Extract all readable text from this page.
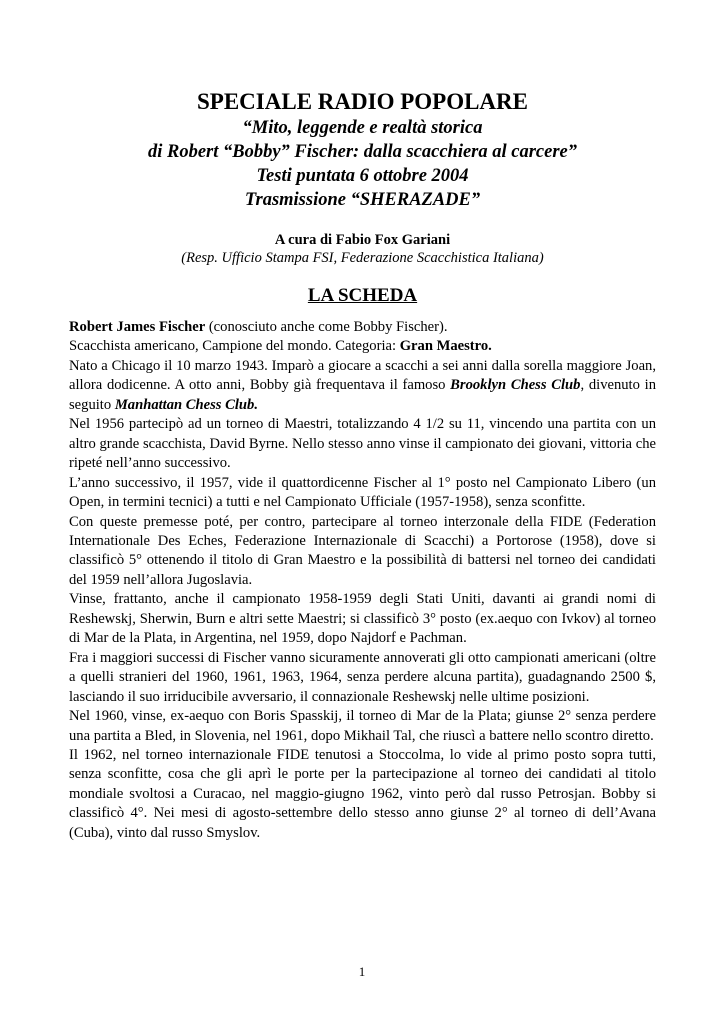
SPECIALE RADIO POPOLARE

“Mito, leggende e realtà storica

di Robert “Bobby” Fischer: dalla scacchiera al carcere”

Testi puntata 6 ottobre 2004

Trasmissione “SHERAZADE”

A cura di Fabio Fox Gariani
(Resp. Ufficio Stampa FSI, Federazione Scacchistica Italiana)
LA SCHEDA

Robert James Fischer (conosciuto anche come Bobby Fischer).

Scacchista americano, Campione del mondo. Categoria: Gran Maestro.

Nato a Chicago il 10 marzo 1943. Imparò a giocare a scacchi a sei anni dalla sorella maggiore Joan, allora dodicenne. A otto anni, Bobby già frequentava il famoso Brooklyn Chess Club, divenuto in seguito Manhattan Chess Club.

Nel 1956 partecipò ad un torneo di Maestri, totalizzando 4 1/2 su 11, vincendo una partita con un altro grande scacchista, David Byrne. Nello stesso anno vinse il campionato dei giovani, vittoria che ripeté nell’anno successivo.

L’anno successivo, il 1957, vide il quattordicenne Fischer al 1° posto nel Campionato Libero (un Open, in termini tecnici) a tutti e nel Campionato Ufficiale (1957-1958), senza sconfitte.

Con queste premesse poté, per contro, partecipare al torneo interzonale della FIDE (Federation Internationale Des Eches, Federazione Internazionale di Scacchi) a Portorose (1958), dove si classificò 5° ottenendo il titolo di Gran Maestro e la possibilità di battersi nel torneo dei candidati del 1959 nell’allora Jugoslavia.

Vinse, frattanto, anche il campionato 1958-1959 degli Stati Uniti, davanti ai grandi nomi di Reshewskj, Sherwin, Burn e altri sette Maestri; si classificò 3° posto (ex.aequo con Ivkov) al torneo di Mar de la Plata, in Argentina, nel 1959, dopo Najdorf e Pachman.

Fra i maggiori successi di Fischer vanno sicuramente annoverati gli otto campionati americani (oltre a quelli stranieri del 1960, 1961, 1963, 1964, senza perdere alcuna partita), guadagnando 2500 $, lasciando il suo irriducibile avversario, il connazionale Reshewskj nelle ultime posizioni.

Nel 1960, vinse, ex-aequo con Boris Spasskij, il torneo di Mar de la Plata; giunse 2° senza perdere una partita a Bled, in Slovenia, nel 1961, dopo Mikhail Tal, che riuscì a battere nello scontro diretto.

Il 1962, nel torneo internazionale FIDE tenutosi a Stoccolma, lo vide al primo posto sopra tutti, senza sconfitte, cosa che gli aprì le porte per la partecipazione al torneo dei candidati al titolo mondiale svoltosi a Curacao, nel maggio-giugno 1962, vinto però dal russo Petrosjan. Bobby si classificò 4°. Nei mesi di agosto-settembre dello stesso anno giunse 2° al torneo di dell’Avana (Cuba), vinto dal russo Smyslov.

1
